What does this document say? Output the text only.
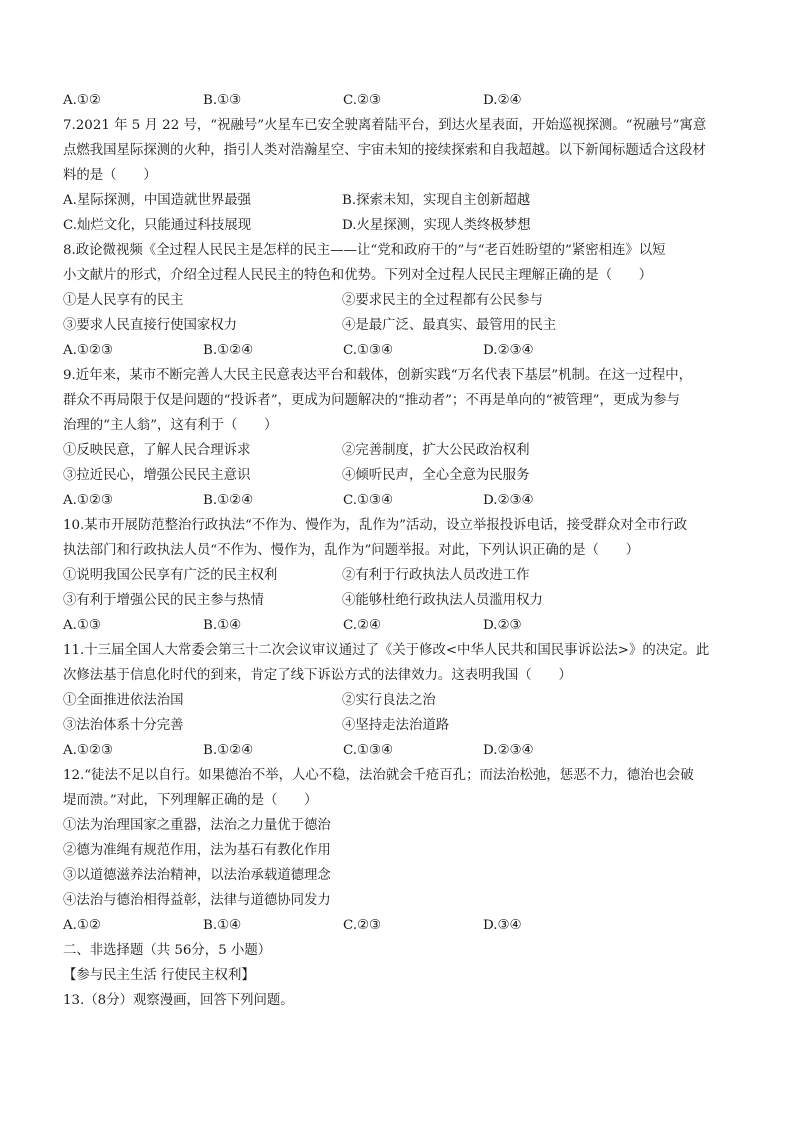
A.①②	B.①③	C.②③	D.②④
7.2021 年 5 月 22 号，“祝融号”火星车已安全驶离着陆平台，到达火星表面，开始巡视探测。“祝融号”寓意
点燃我国星际探测的火种，指引人类对浩瀚星空、宇宙未知的接续探索和自我超越。以下新闻标题适合这段材
料的是（　　）
A.星际探测，中国造就世界最强	B.探索未知，实现自主创新超越
C.灿烂文化，只能通过科技展现	D.火星探测，实现人类终极梦想
8.政论微视频《全过程人民民主是怎样的民主——让“党和政府干的”与“老百姓盼望的”紧密相连》以短
小文献片的形式，介绍全过程人民民主的特色和优势。下列对全过程人民民主理解正确的是（　　）
①是人民享有的民主	②要求民主的全过程都有公民参与
③要求人民直接行使国家权力	④是最广泛、最真实、最管用的民主
A.①②③	B.①②④	C.①③④	D.②③④
9.近年来，某市不断完善人大民主民意表达平台和载体，创新实践“万名代表下基层”机制。在这一过程中，
群众不再局限于仅是问题的“投诉者”，更成为问题解决的“推动者”；不再是单向的“被管理”，更成为参与
治理的“主人翁”，这有利于（　　）
①反映民意，了解人民合理诉求	②完善制度，扩大公民政治权利
③拉近民心，增强公民民主意识	④倾听民声，全心全意为民服务
A.①②③	B.①②④	C.①③④	D.②③④
10.某市开展防范整治行政执法“不作为、慢作为，乱作为”活动，设立举报投诉电话，接受群众对全市行政
执法部门和行政执法人员“不作为、慢作为，乱作为”问题举报。对此，下列认识正确的是（　　）
①说明我国公民享有广泛的民主权利	②有利于行政执法人员改进工作
③有利于增强公民的民主参与热情	④能够杜绝行政执法人员滥用权力
A.①③	B.①④	C.②④	D.②③
11.十三届全国人大常委会第三十二次会议审议通过了《关于修改<中华人民共和国民事诉讼法>》的决定。此
次修法基于信息化时代的到来，肯定了线下诉讼方式的法律效力。这表明我国（　　）
①全面推进依法治国	②实行良法之治
③法治体系十分完善	④坚持走法治道路
A.①②③	B.①②④	C.①③④	D.②③④
12.“徒法不足以自行。如果德治不举，人心不稳，法治就会千疮百孔；而法治松弛，惩恶不力，德治也会破
堤而溃。”对此，下列理解正确的是（　　）
①法为治理国家之重器，法治之力量优于德治
②德为准绳有规范作用，法为基石有教化作用
③以道德滋养法治精神，以法治承载道德理念
④法治与德治相得益彰，法律与道德协同发力
A.①②	B.①④	C.②③	D.③④
二、非选择题（共 56分，5 小题）
【参与民主生活 行使民主权利】
13.（8分）观察漫画，回答下列问题。
